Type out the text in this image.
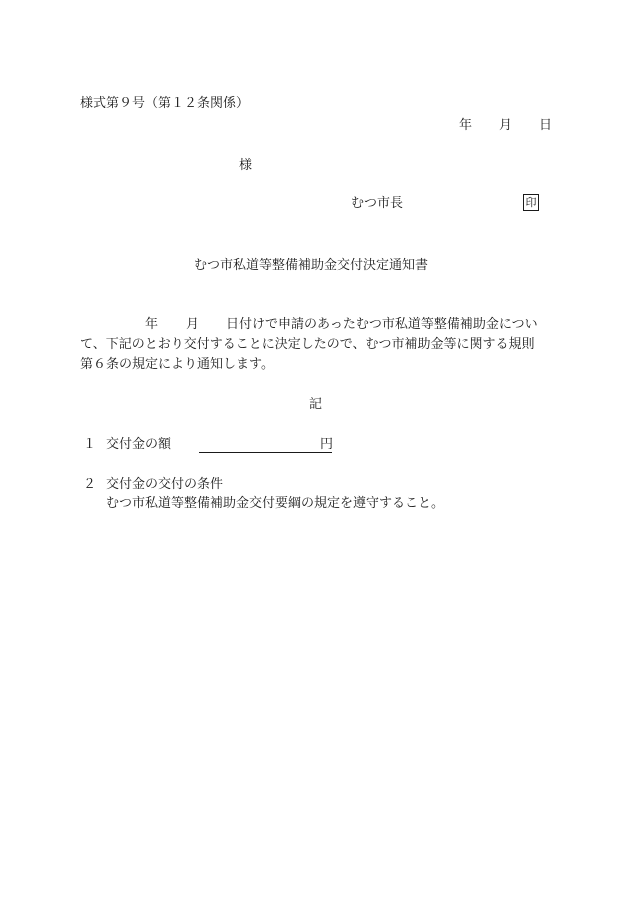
様式第９号（第１２条関係）
年 月 日
様
むつ市長	印
むつ市私道等整備補助金交付決定通知書
年 月 日付けで申請のあったむつ市私道等整備補助金につい
て、下記のとおり交付することに決定したので、むつ市補助金等に関する規則
第６条の規定により通知します。
記
１ 交付金の額	円
２ 交付金の交付の条件
むつ市私道等整備補助金交付要綱の規定を遵守すること。
